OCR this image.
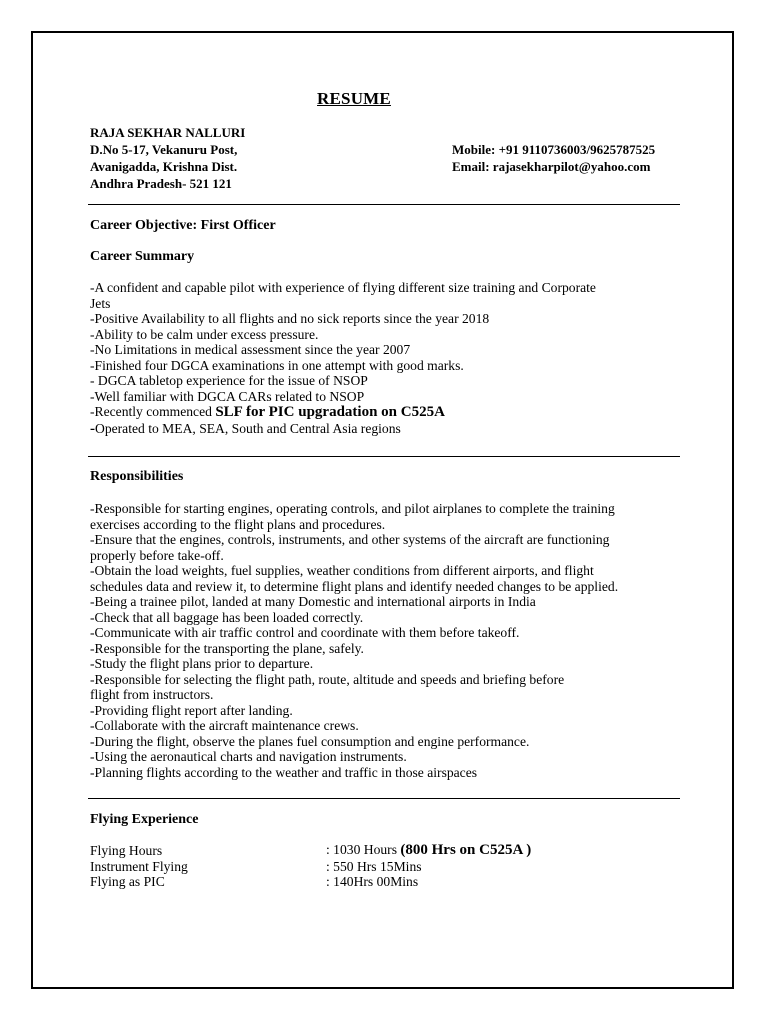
RESUME
RAJA SEKHAR NALLURI
D.No 5-17, Vekanuru Post,
Avanigadda, Krishna Dist.
Andhra Pradesh- 521 121
Mobile: +91 9110736003/9625787525
Email: rajasekharpilot@yahoo.com
Career Objective: First Officer
Career Summary
-A confident and capable pilot with experience of flying different size training and Corporate
Jets
-Positive Availability to all flights and no sick reports since the year 2018
-Ability to be calm under excess pressure.
-No Limitations in medical assessment since the year 2007
-Finished four DGCA examinations in one attempt with good marks.
- DGCA tabletop experience for the issue of NSOP
-Well familiar with DGCA CARs related to NSOP
-Recently commenced SLF for PIC upgradation on C525A
-Operated to MEA, SEA, South and Central Asia regions
Responsibilities
-Responsible for starting engines, operating controls, and pilot airplanes to complete the training
exercises according to the flight plans and procedures.
-Ensure that the engines, controls, instruments, and other systems of the aircraft are functioning
properly before take-off.
-Obtain the load weights, fuel supplies, weather conditions from different airports, and flight
schedules data and review it, to determine flight plans and identify needed changes to be applied.
-Being a trainee pilot, landed at many Domestic and international airports in India
-Check that all baggage has been loaded correctly.
-Communicate with air traffic control and coordinate with them before takeoff.
-Responsible for the transporting the plane, safely.
-Study the flight plans prior to departure.
-Responsible for selecting the flight path, route, altitude and speeds and briefing before
flight from instructors.
-Providing flight report after landing.
-Collaborate with the aircraft maintenance crews.
-During the flight, observe the planes fuel consumption and engine performance.
-Using the aeronautical charts and navigation instruments.
-Planning flights according to the weather and traffic in those airspaces
Flying Experience
Flying Hours	: 1030 Hours (800 Hrs on C525A )
Instrument Flying	: 550 Hrs 15Mins
Flying as PIC	: 140Hrs 00Mins
